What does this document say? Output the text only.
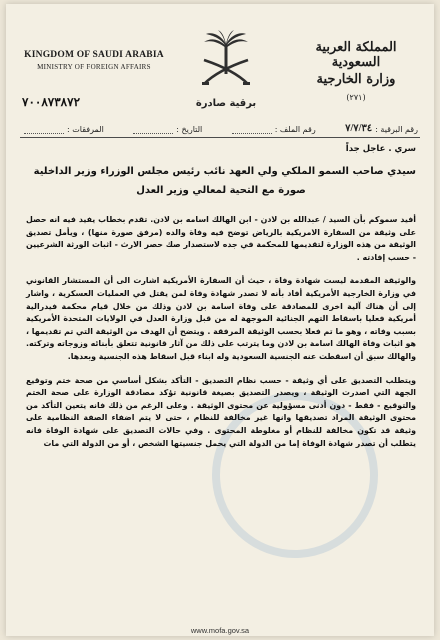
KINGDOM OF SAUDI ARABIA
MINISTRY OF FOREIGN AFFAIRS
٧٠٠٨٧٣٨٧٢
المملكة العربية السعودية
وزارة الخارجية
(٢٧١)
برقية صادرة
رقم البرقية :
٧/٧/٣٤
رقم الملف :
التاريخ :
المرفقات :
سري . عاجل جداً
سيدي صاحب السمو الملكي ولي العهد نائب رئيس مجلس الوزراء وزير الداخلية
صورة مع التحية لمعالي وزير العدل
أفيد سموكم بأن السيد / عبدالله بن لادن - ابن الهالك اسامه بن لادن. تقدم بخطاب يفيد فيه انه حصل على وثيقة من السفارة الامريكية بالرياض توضح فيه وفاة والده (مرفق صورة منها) ، ويأمل تصديق الوثيقة من هذه الوزارة لتقديمها للمحكمة في جده لاستصدار صك حصر الارث - اثبات الورثة الشرعيين - حسب إفادته .
والوثيقة المقدمة ليست شهادة وفاة ، حيث أن السفارة الأمريكية اشارت الى أن المستشار القانوني في وزارة الخارجية الأمريكية أفاد بأنه لا تصدر شهادة وفاة لمن يقتل في العمليات العسكرية ، واشار إلى أن هناك آلية اخرى للمصادقة على وفاة اسامة بن لادن وذلك من خلال قيام محكمة فيدرالية أمريكية فعليا باسقاط التهم الجنائية الموجهة له من قبل وزارة العدل في الولايات المتحدة الأمريكية بسبب وفاته ، وهو ما تم فعلا بحسب الوثيقة المرفقة . ويتضح أن الهدف من الوثيقة التي تم تقديمها ، هو اثبات وفاة الهالك اسامة بن لادن وما يترتب على ذلك من آثار قانونية تتعلق بأبنائه وزوجاته وتركته. والهالك سبق أن اسقطت عنه الجنسية السعودية وله ابناء قبل اسقاط هذه الجنسية وبعدها.
ويتطلب التصديق على أي وثيقة - حسب نظام التصديق - التأكد بشكل أساسي من صحة ختم وتوقيع الجهة التي اصدرت الوثيقة ، ويصدر التصديق بصيغة قانونية تؤكد مصادقة الوزارة على صحة الختم والتوقيع - فقط - دون أدنى مسؤولية عن محتوى الوثيقة . وعلى الرغم من ذلك فانه يتعين التأكد من محتوى الوثيقة المراد تصديقها وانها غير مخالفة للنظام ، حتى لا يتم اضفاء الصفة النظامية على وثيقة قد تكون مخالفة للنظام أو مغلوطة المحتوى . وفي حالات التصديق على شهادة الوفاة فانه يتطلب أن تصدر شهادة الوفاة إما من الدولة التي يحمل جنسيتها الشخص ، أو من الدولة التي مات
www.mofa.gov.sa
